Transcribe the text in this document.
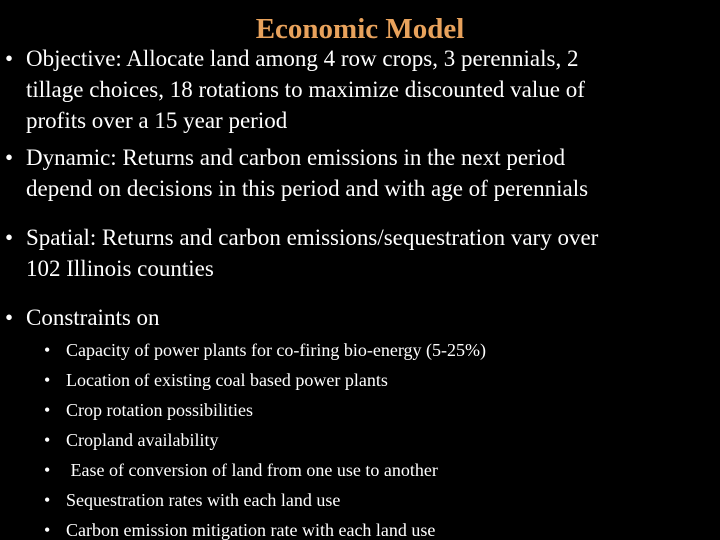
Economic Model
• Objective: Allocate land among 4 row crops, 3 perennials, 2
tillage choices, 18 rotations to maximize discounted value of
profits over a 15 year period
• Dynamic: Returns and carbon emissions in the next period
depend on decisions in this period and with age of perennials
• Spatial: Returns and carbon emissions/sequestration vary over
102 Illinois counties
• Constraints on
• Capacity of power plants for co-firing bio-energy (5-25%)
• Location of existing coal based power plants
• Crop rotation possibilities
• Cropland availability
• Ease of conversion of land from one use to another
• Sequestration rates with each land use
• Carbon emission mitigation rate with each land use
